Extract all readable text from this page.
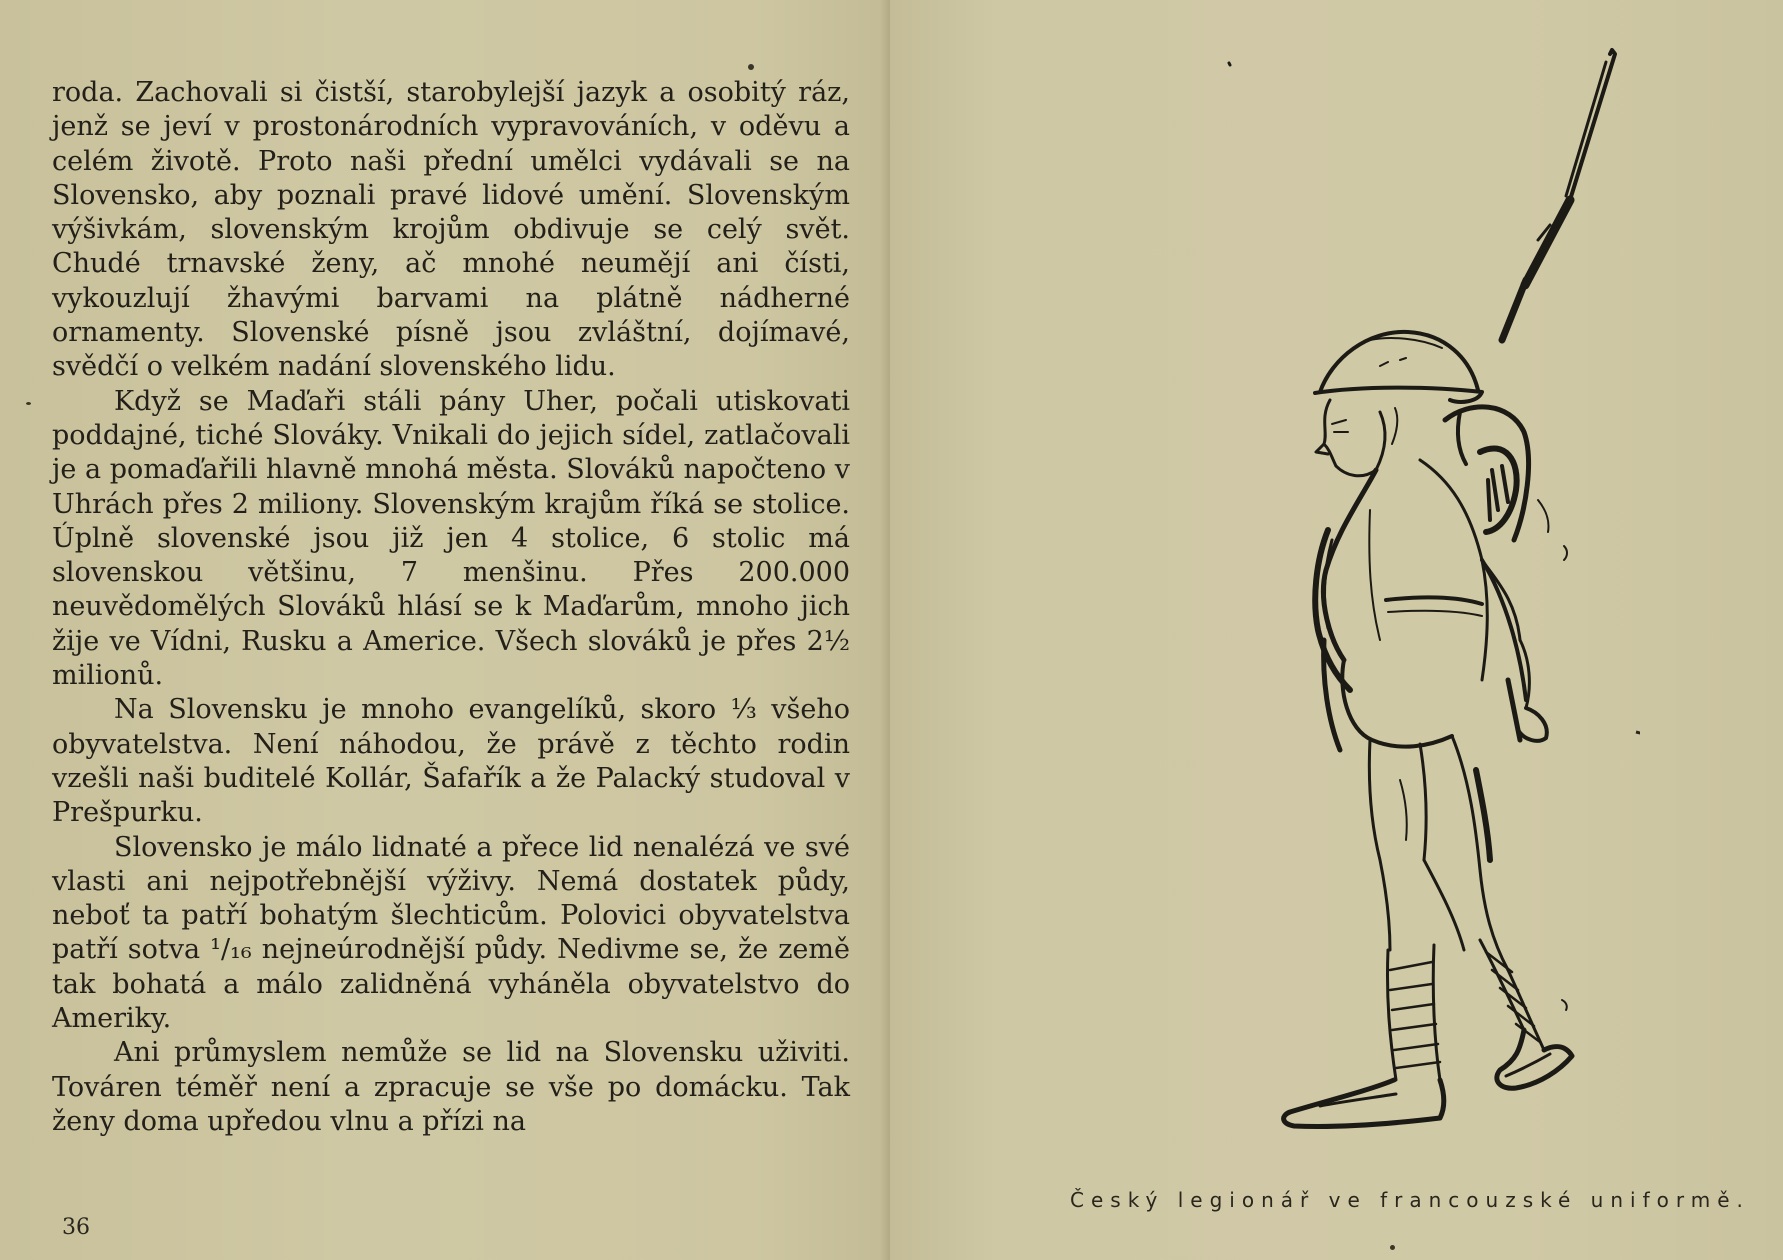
roda. Zachovali si čistší, starobylejší jazyk a osobitý ráz, jenž se jeví v prostonárodních vypravováních, v oděvu a celém životě. Proto naši přední umělci vydávali se na Slovensko, aby poznali pravé lidové umění. Slovenským výšivkám, slovenským krojům obdivuje se celý svět. Chudé trnavské ženy, ač mnohé neumějí ani čísti, vykouzlují žhavými barvami na plátně nádherné ornamenty. Slovenské písně jsou zvláštní, dojímavé, svědčí o velkém nadání slovenského lidu.

Když se Maďaři stáli pány Uher, počali utiskovati poddajné, tiché Slováky. Vnikali do jejich sídel, zatlačovali je a pomaďařili hlavně mnohá města. Slováků napočteno v Uhrách přes 2 miliony. Slovenským krajům říká se stolice. Úplně slovenské jsou již jen 4 stolice, 6 stolic má slovenskou většinu, 7 menšinu. Přes 200.000 neuvědomělých Slováků hlásí se k Maďarům, mnoho jich žije ve Vídni, Rusku a Americe. Všech slováků je přes 2½ milionů.

Na Slovensku je mnoho evangelíků, skoro ⅓ všeho obyvatelstva. Není náhodou, že právě z těchto rodin vzešli naši buditelé Kollár, Šafařík a že Palacký studoval v Prešpurku.

Slovensko je málo lidnaté a přece lid nenalézá ve své vlasti ani nejpotřebnější výživy. Nemá dostatek půdy, neboť ta patří bohatým šlechticům. Polovici obyvatelstva patří sotva ¹/₁₆ nejneúrodnější půdy. Nedivme se, že země tak bohatá a málo zalidněná vyháněla obyvatelstvo do Ameriky.

Ani průmyslem nemůže se lid na Slovensku uživiti. Továren téměř není a zpracuje se vše po domácku. Tak ženy doma upředou vlnu a přízi na

36
Český legionář ve francouzské uniformě.
